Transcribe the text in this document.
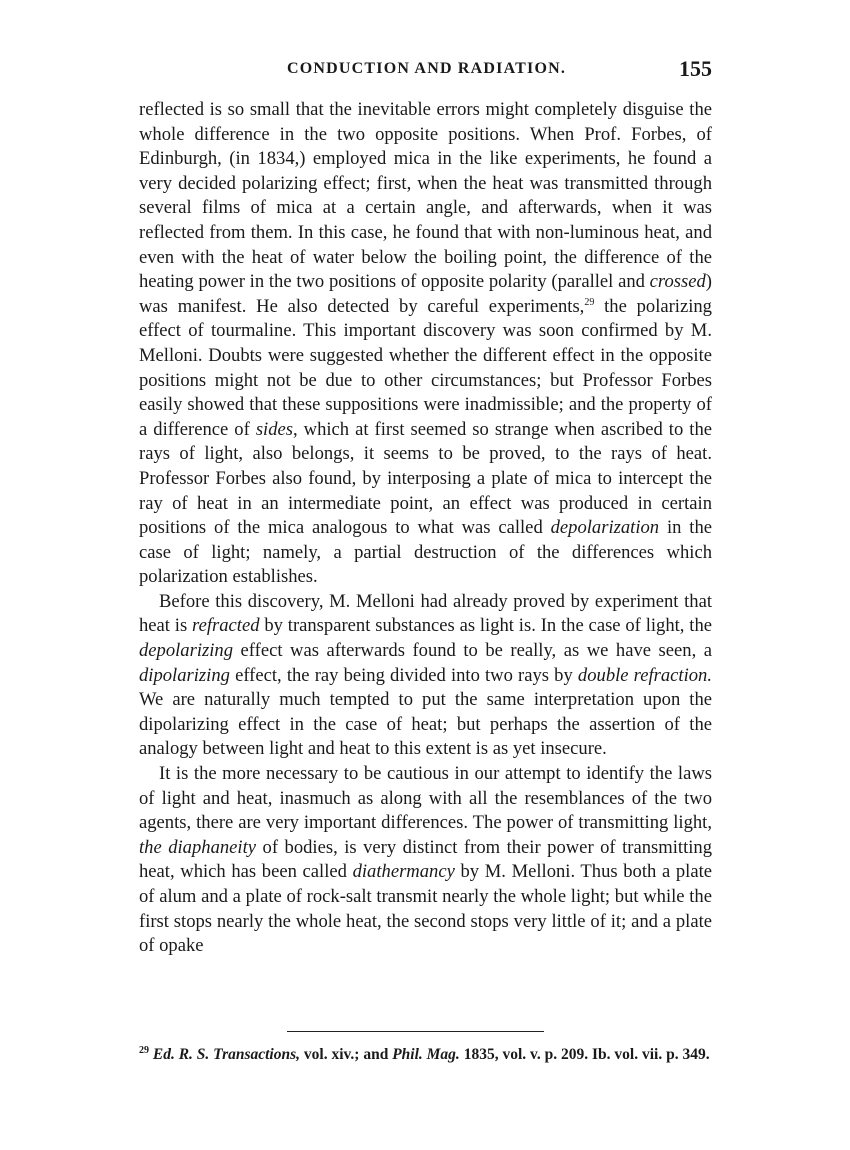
CONDUCTION AND RADIATION.	155

reflected is so small that the inevitable errors might completely disguise the whole difference in the two opposite positions. When Prof. Forbes, of Edinburgh, (in 1834,) employed mica in the like experiments, he found a very decided polarizing effect; first, when the heat was transmitted through several films of mica at a certain angle, and afterwards, when it was reflected from them. In this case, he found that with non-luminous heat, and even with the heat of water below the boiling point, the difference of the heating power in the two positions of opposite polarity (parallel and crossed) was manifest. He also detected by careful experiments,$^{29}$ the polarizing effect of tourmaline. This important discovery was soon confirmed by M. Melloni. Doubts were suggested whether the different effect in the opposite positions might not be due to other circumstances; but Professor Forbes easily showed that these suppositions were inadmissible; and the property of a difference of sides, which at first seemed so strange when ascribed to the rays of light, also belongs, it seems to be proved, to the rays of heat. Professor Forbes also found, by interposing a plate of mica to intercept the ray of heat in an intermediate point, an effect was produced in certain positions of the mica analogous to what was called depolarization in the case of light; namely, a partial destruction of the differences which polarization establishes.

Before this discovery, M. Melloni had already proved by experiment that heat is refracted by transparent substances as light is. In the case of light, the depolarizing effect was afterwards found to be really, as we have seen, a dipolarizing effect, the ray being divided into two rays by double refraction. We are naturally much tempted to put the same interpretation upon the dipolarizing effect in the case of heat; but perhaps the assertion of the analogy between light and heat to this extent is as yet insecure.

It is the more necessary to be cautious in our attempt to identify the laws of light and heat, inasmuch as along with all the resemblances of the two agents, there are very important differences. The power of transmitting light, the diaphaneity of bodies, is very distinct from their power of transmitting heat, which has been called diathermancy by M. Melloni. Thus both a plate of alum and a plate of rock-salt transmit nearly the whole light; but while the first stops nearly the whole heat, the second stops very little of it; and a plate of opake

$^{29}$ Ed. R. S. Transactions, vol. xiv.; and Phil. Mag. 1835, vol. v. p. 209. Ib. vol. vii. p. 349.
